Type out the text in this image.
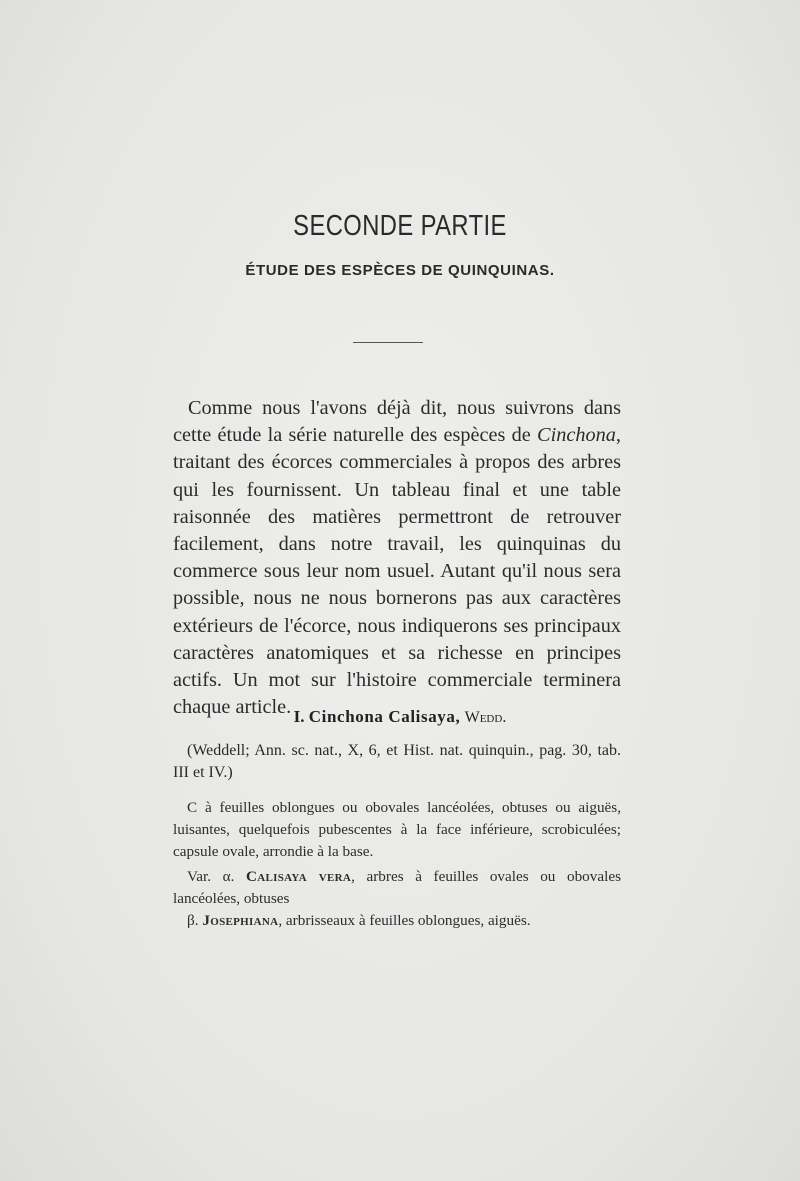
SECONDE PARTIE
ÉTUDE DES ESPÈCES DE QUINQUINAS.

Comme nous l'avons déjà dit, nous suivrons dans cette étude la série naturelle des espèces de Cinchona, traitant des écorces commerciales à propos des arbres qui les fournissent. Un tableau final et une table raisonnée des matières permettront de retrouver facilement, dans notre travail, les quinquinas du commerce sous leur nom usuel. Autant qu'il nous sera possible, nous ne nous bornerons pas aux caractères extérieurs de l'écorce, nous indiquerons ses principaux caractères anatomiques et sa richesse en principes actifs. Un mot sur l'histoire commerciale terminera chaque article. I. Cinchona Calisaya, Wedd.

(Weddell; Ann. sc. nat., X, 6, et Hist. nat. quinquin., pag. 30, tab. III et IV.)

C à feuilles oblongues ou obovales lancéolées, obtuses ou aiguës, luisantes, quelquefois pubescentes à la face inférieure, scrobiculées; capsule ovale, arrondie à la base.

Var. α. Calisaya vera, arbres à feuilles ovales ou obovales lancéolées, obtuses

β. Josephiana, arbrisseaux à feuilles oblongues, aiguës.
